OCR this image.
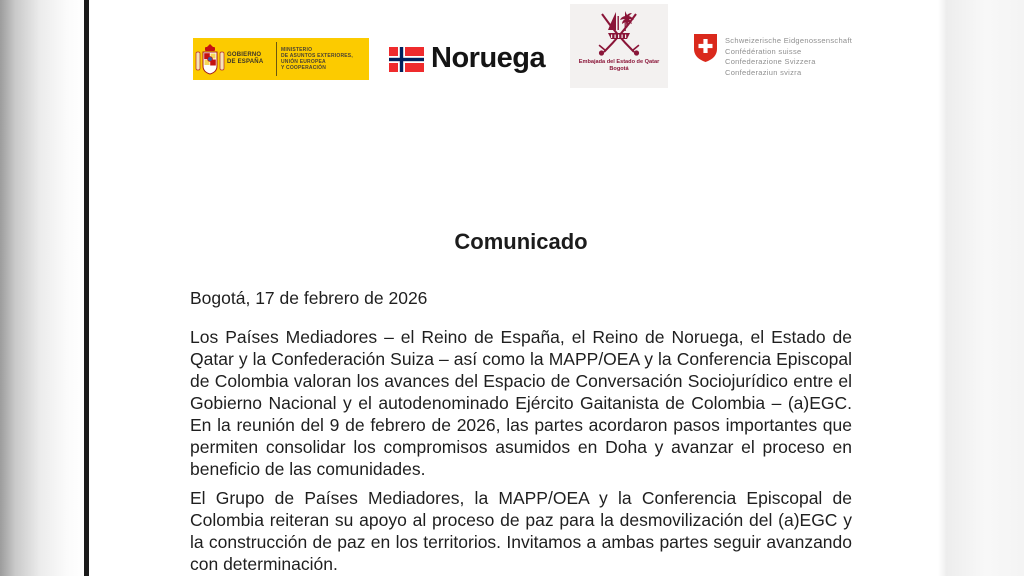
GOBIERNO
DE ESPAÑA
MINISTERIO
DE ASUNTOS EXTERIORES, UNIÓN EUROPEA
Y COOPERACIÓN	Noruega	Embajada del Estado de Qatar
Bogotá
Schweizerische Eidgenossenschaft
Confédération suisse
Confederazione Svizzera
Confederaziun svizra
Comunicado
Bogotá, 17 de febrero de 2026
Los Países Mediadores – el Reino de España, el Reino de Noruega, el Estado de
Qatar y la Confederación Suiza – así como la MAPP/OEA y la Conferencia Episcopal
de Colombia valoran los avances del Espacio de Conversación Sociojurídico entre el
Gobierno Nacional y el autodenominado Ejército Gaitanista de Colombia – (a)EGC.
En la reunión del 9 de febrero de 2026, las partes acordaron pasos importantes que
permiten consolidar los compromisos asumidos en Doha y avanzar el proceso en
beneficio de las comunidades.
El Grupo de Países Mediadores, la MAPP/OEA y la Conferencia Episcopal de
Colombia reiteran su apoyo al proceso de paz para la desmovilización del (a)EGC y
la construcción de paz en los territorios. Invitamos a ambas partes seguir avanzando
con determinación.
